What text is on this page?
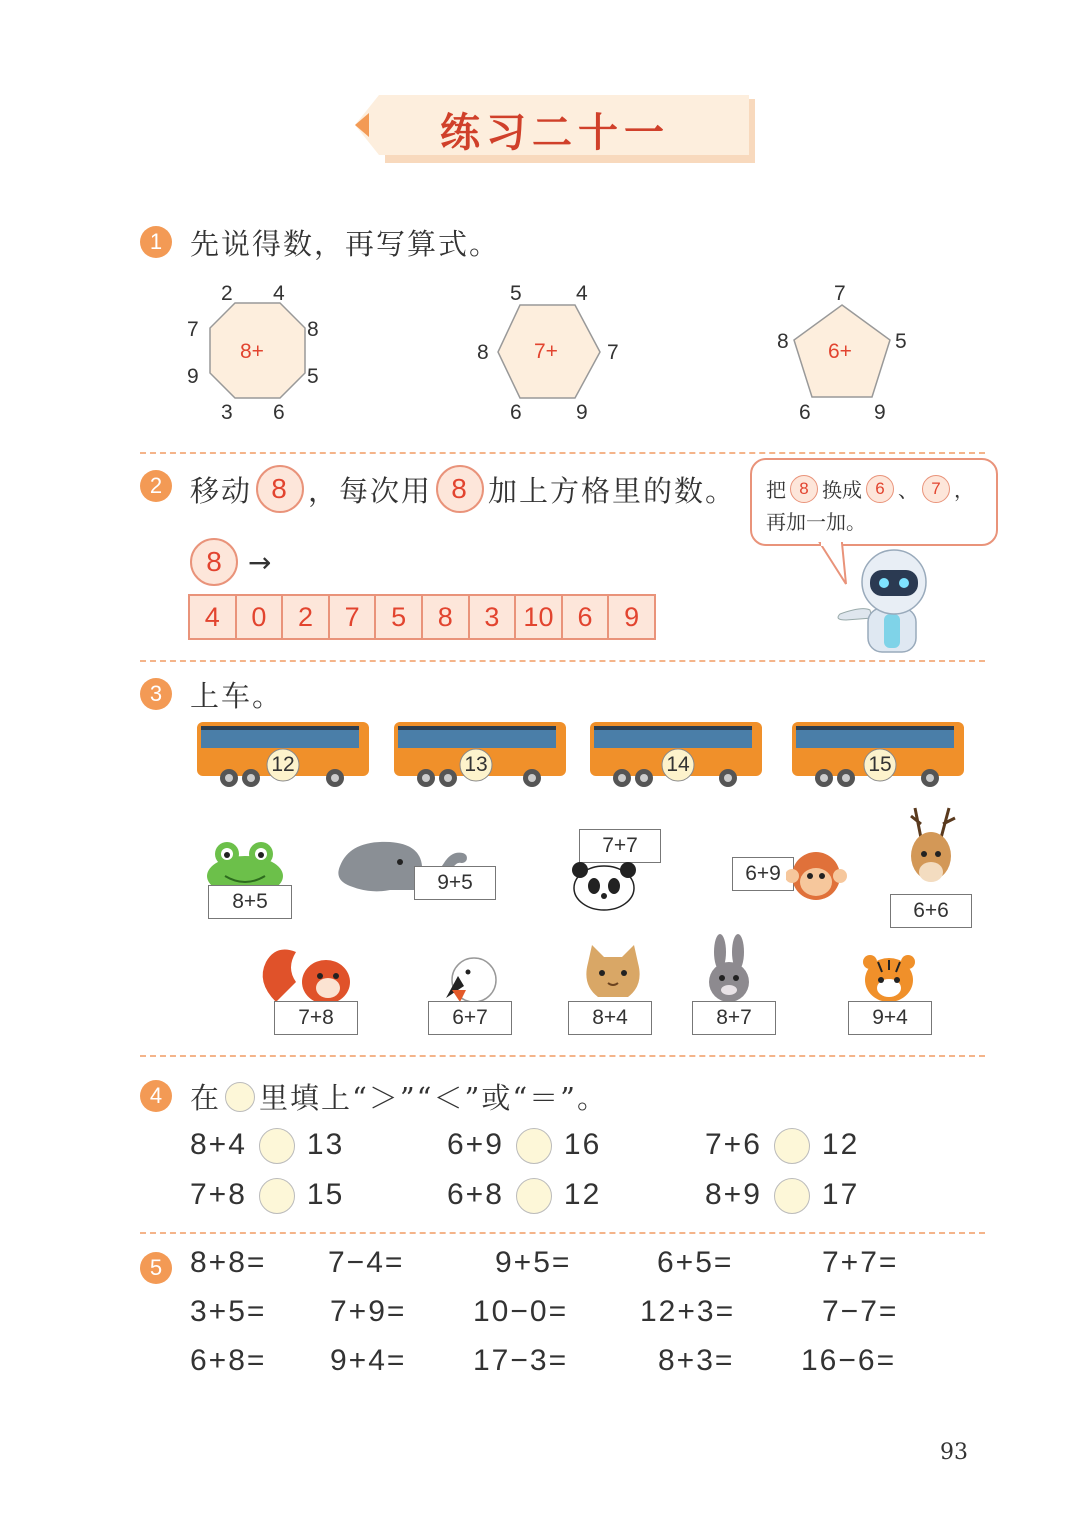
练习二十一
1 先说得数，再写算式。
8+
2 4
8
5
6
3
9
7
7+
5	4
7
9
6
8	6+
7
5
9
6
8
2 移动 8 ，每次用 8 加上方格里的数。
8 →
4	0	2	7	5	8	3 10 6	9
把 8 换成 6 、 7 ，
再加一加。
3 上车。
12	13	14	15
8+5
9+5
7+7
6+9
6+6
7+8	6+7	8+4	8+7	9+4
4 在 里填上“＞”“＜”或“＝”。
8+4 13	6+9 16	7+6 12
7+8 15	6+8 12	8+9 17
5 8+8= 7−4=	9+5=	6+5=	7+7=
3+5= 7+9= 10−0= 12+3=	7−7=
6+8= 9+4= 17−3=	8+3= 16−6=
93
